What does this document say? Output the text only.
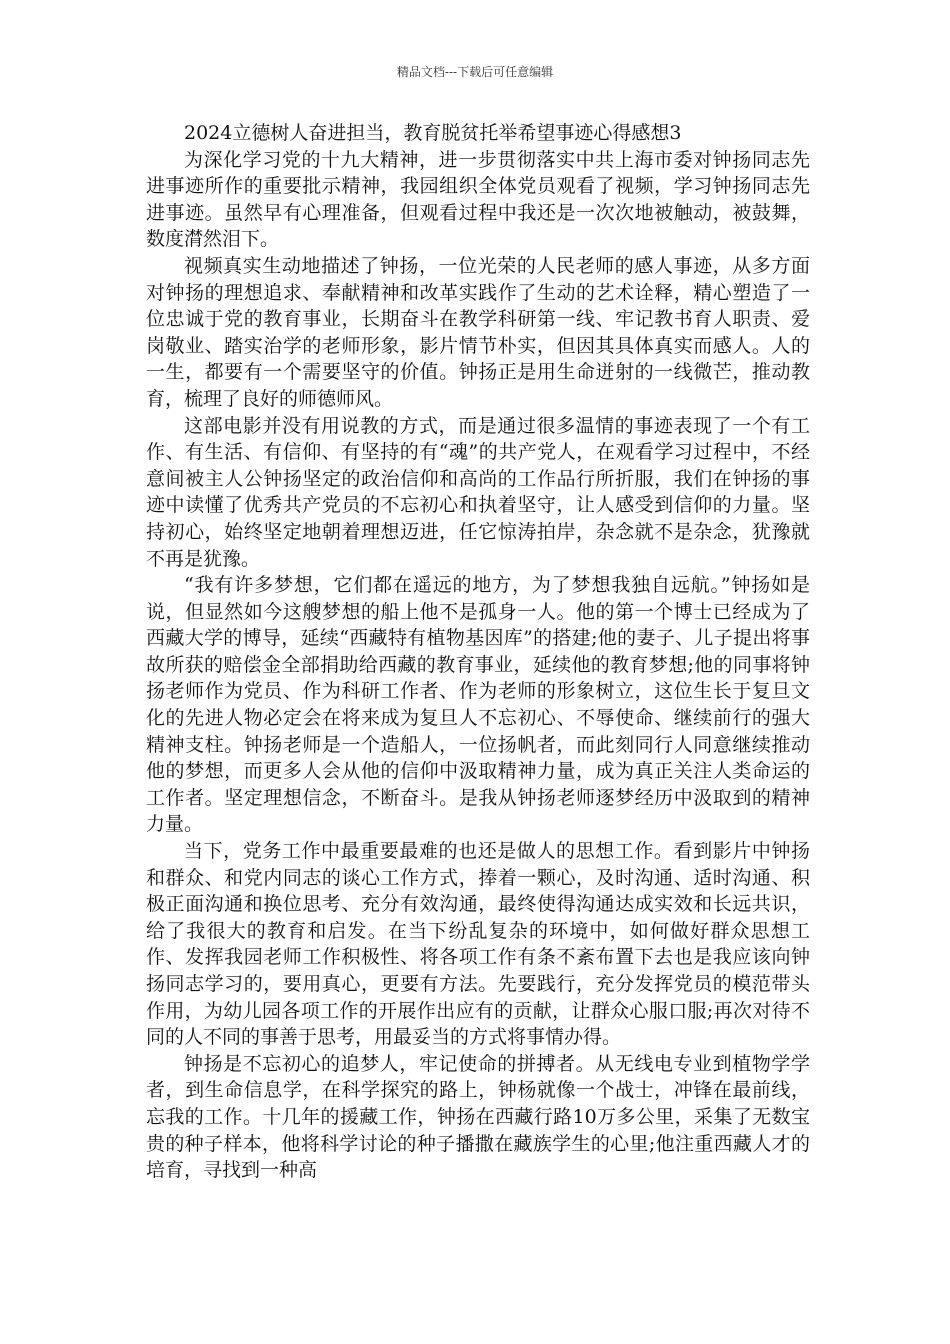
精品文档---下载后可任意编辑
2024立德树人奋进担当，教育脱贫托举希望事迹心得感想3

为深化学习党的十九大精神，进一步贯彻落实中共上海市委对钟扬同志先进事迹所作的重要批示精神，我园组织全体党员观看了视频，学习钟扬同志先进事迹。虽然早有心理准备，但观看过程中我还是一次次地被触动，被鼓舞，数度潸然泪下。

视频真实生动地描述了钟扬，一位光荣的人民老师的感人事迹，从多方面对钟扬的理想追求、奉献精神和改革实践作了生动的艺术诠释，精心塑造了一位忠诚于党的教育事业，长期奋斗在教学科研第一线、牢记教书育人职责、爱岗敬业、踏实治学的老师形象，影片情节朴实，但因其具体真实而感人。人的一生，都要有一个需要坚守的价值。钟扬正是用生命迸射的一线微芒，推动教育，梳理了良好的师德师风。

这部电影并没有用说教的方式，而是通过很多温情的事迹表现了一个有工作、有生活、有信仰、有坚持的有“魂”的共产党人，在观看学习过程中，不经意间被主人公钟扬坚定的政治信仰和高尚的工作品行所折服，我们在钟扬的事迹中读懂了优秀共产党员的不忘初心和执着坚守，让人感受到信仰的力量。坚持初心，始终坚定地朝着理想迈进，任它惊涛拍岸，杂念就不是杂念，犹豫就不再是犹豫。

“我有许多梦想，它们都在遥远的地方，为了梦想我独自远航。”钟扬如是说，但显然如今这艘梦想的船上他不是孤身一人。他的第一个博士已经成为了西藏大学的博导，延续“西藏特有植物基因库”的搭建;他的妻子、儿子提出将事故所获的赔偿金全部捐助给西藏的教育事业，延续他的教育梦想;他的同事将钟扬老师作为党员、作为科研工作者、作为老师的形象树立，这位生长于复旦文化的先进人物必定会在将来成为复旦人不忘初心、不辱使命、继续前行的强大精神支柱。钟扬老师是一个造船人，一位扬帆者，而此刻同行人同意继续推动他的梦想，而更多人会从他的信仰中汲取精神力量，成为真正关注人类命运的工作者。坚定理想信念，不断奋斗。是我从钟扬老师逐梦经历中汲取到的精神力量。

当下，党务工作中最重要最难的也还是做人的思想工作。看到影片中钟扬和群众、和党内同志的谈心工作方式，捧着一颗心，及时沟通、适时沟通、积极正面沟通和换位思考、充分有效沟通，最终使得沟通达成实效和长远共识，给了我很大的教育和启发。在当下纷乱复杂的环境中，如何做好群众思想工作、发挥我园老师工作积极性、将各项工作有条不紊布置下去也是我应该向钟扬同志学习的，要用真心，更要有方法。先要践行，充分发挥党员的模范带头作用，为幼儿园各项工作的开展作出应有的贡献，让群众心服口服;再次对待不同的人不同的事善于思考，用最妥当的方式将事情办得。

钟扬是不忘初心的追梦人，牢记使命的拼搏者。从无线电专业到植物学学者，到生命信息学，在科学探究的路上，钟杨就像一个战士，冲锋在最前线，忘我的工作。十几年的援藏工作，钟扬在西藏行路10万多公里，采集了无数宝贵的种子样本，他将科学讨论的种子播撒在藏族学生的心里;他注重西藏人才的培育，寻找到一种高
